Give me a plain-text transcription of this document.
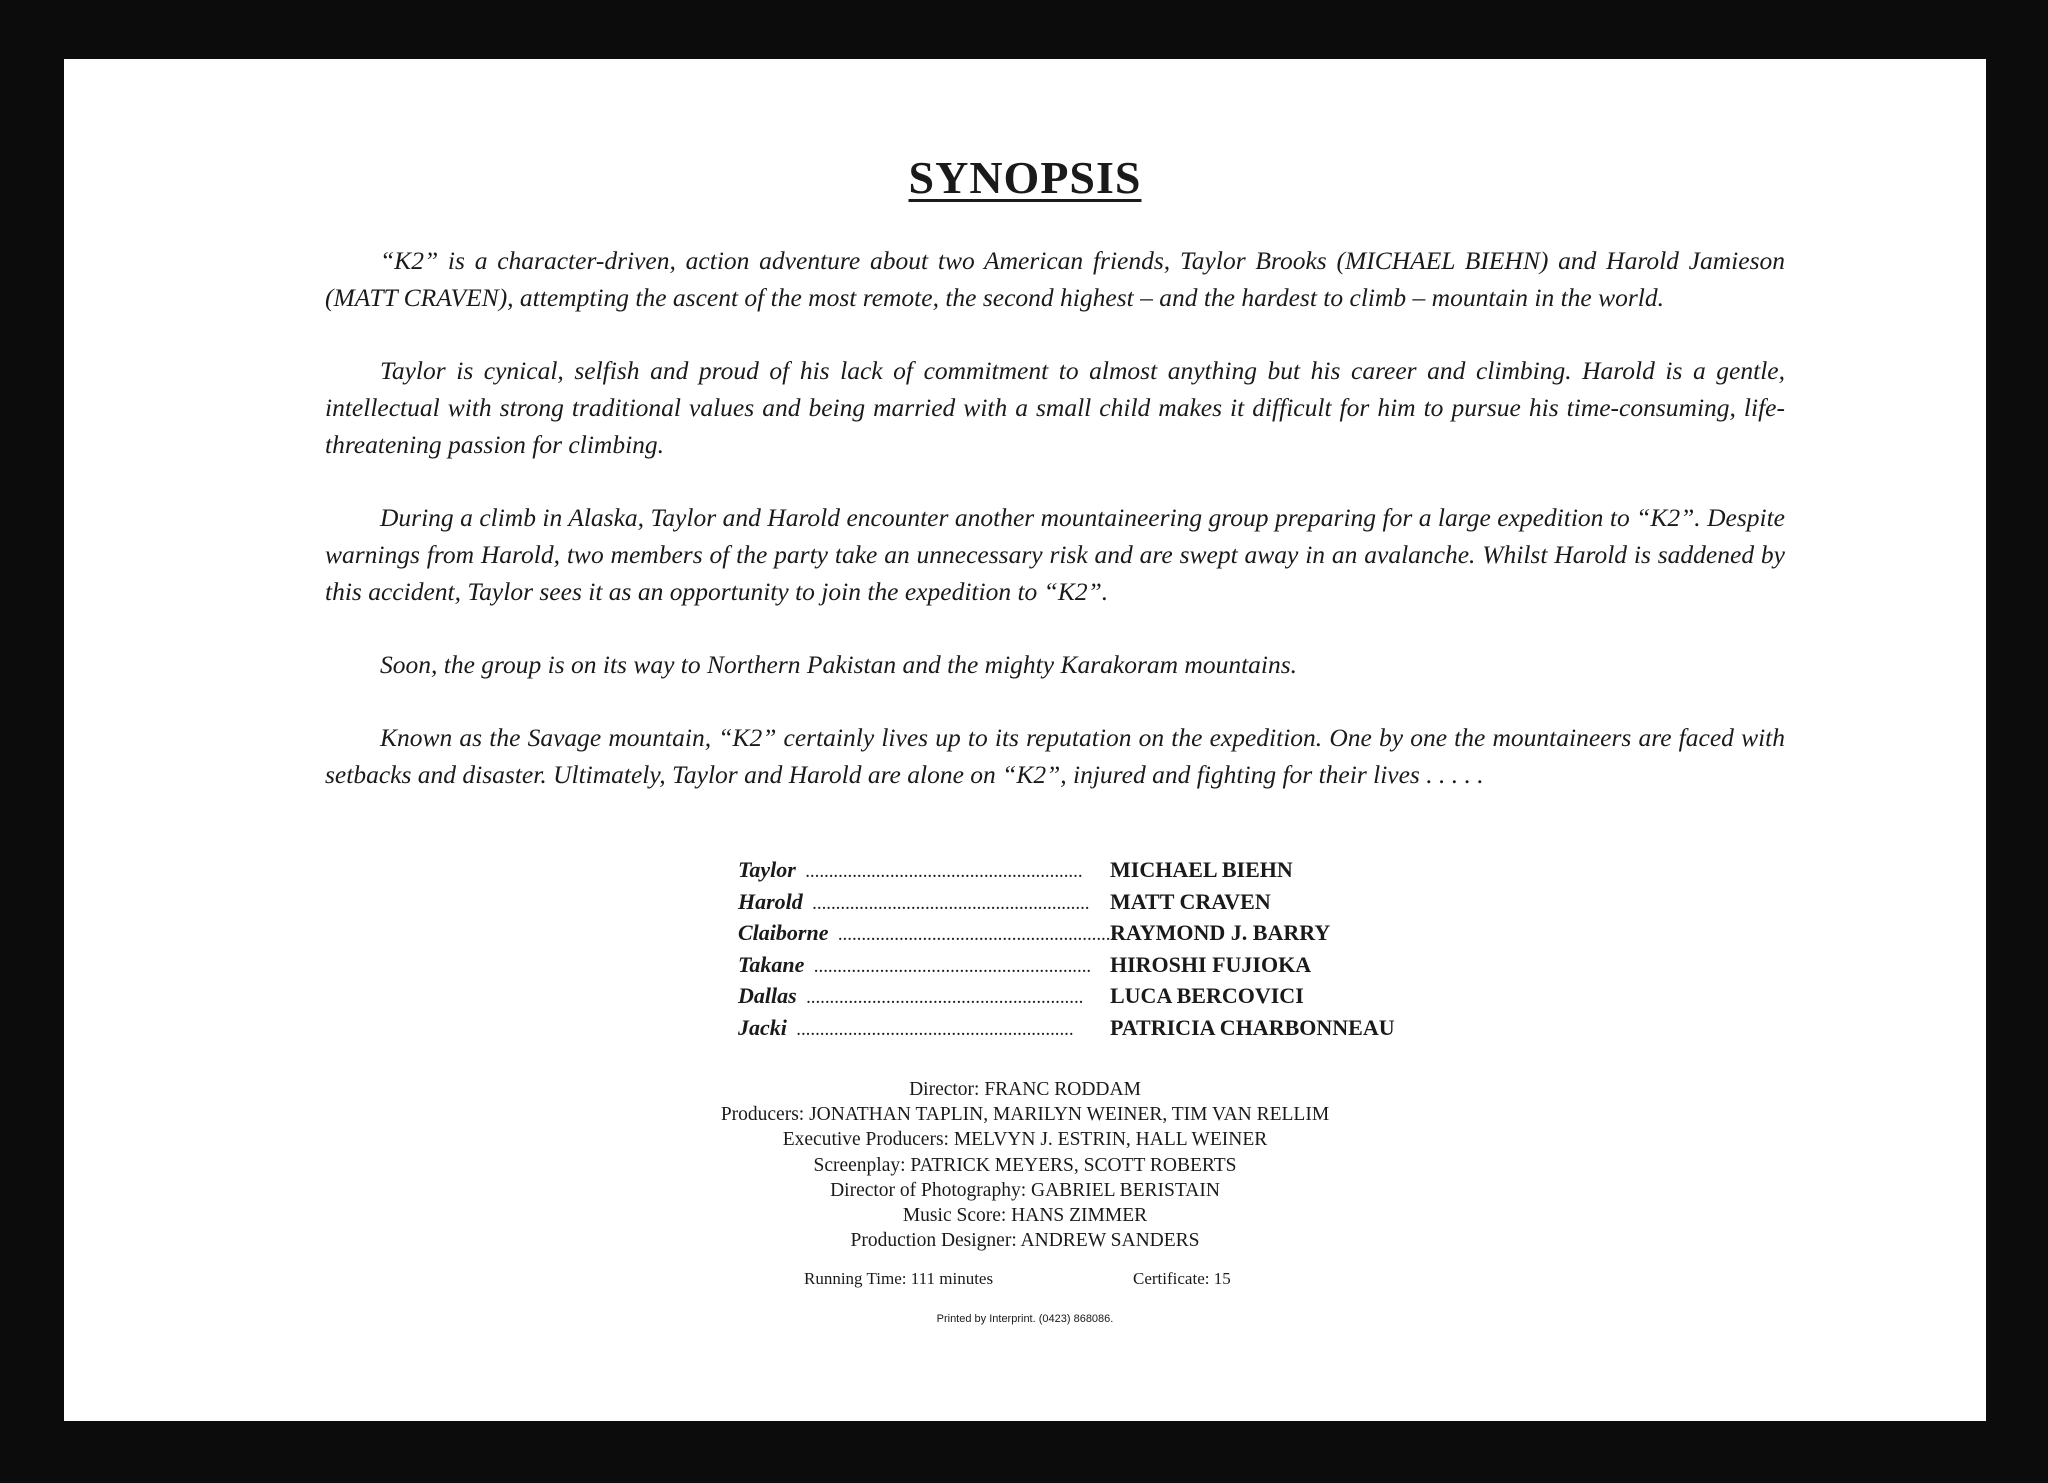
SYNOPSIS

“K2” is a character-driven, action adventure about two American friends, Taylor Brooks (MICHAEL BIEHN) and Harold Jamieson (MATT CRAVEN), attempting the ascent of the most remote, the second highest – and the hardest to climb – mountain in the world.

Taylor is cynical, selfish and proud of his lack of commitment to almost anything but his career and climbing. Harold is a gentle, intellectual with strong traditional values and being married with a small child makes it difficult for him to pursue his time-consuming, life-threatening passion for climbing.

During a climb in Alaska, Taylor and Harold encounter another mountaineering group preparing for a large expedition to “K2”. Despite warnings from Harold, two members of the party take an unnecessary risk and are swept away in an avalanche. Whilst Harold is saddened by this accident, Taylor sees it as an opportunity to join the expedition to “K2”.

Soon, the group is on its way to Northern Pakistan and the mighty Karakoram mountains.

Known as the Savage mountain, “K2” certainly lives up to its reputation on the expedition. One by one the mountaineers are faced with setbacks and disaster. Ultimately, Taylor and Harold are alone on “K2”, injured and fighting for their lives . . . . .

Taylor ........................................................... MICHAEL BIEHN
Harold ........................................................... MATT CRAVEN
Claiborne ...........................................................
RAYMOND J. BARRY
Takane ........................................................... HIROSHI FUJIOKA
Dallas ........................................................... LUCA BERCOVICI
Jacki ........................................................... PATRICIA CHARBONNEAU
Director: FRANC RODDAM
Producers: JONATHAN TAPLIN, MARILYN WEINER, TIM VAN RELLIM
Executive Producers: MELVYN J. ESTRIN, HALL WEINER
Screenplay: PATRICK MEYERS, SCOTT ROBERTS
Director of Photography: GABRIEL BERISTAIN
Music Score: HANS ZIMMER
Production Designer: ANDREW SANDERS
Running Time: 111 minutes	Certificate: 15
Printed by Interprint. (0423) 868086.
